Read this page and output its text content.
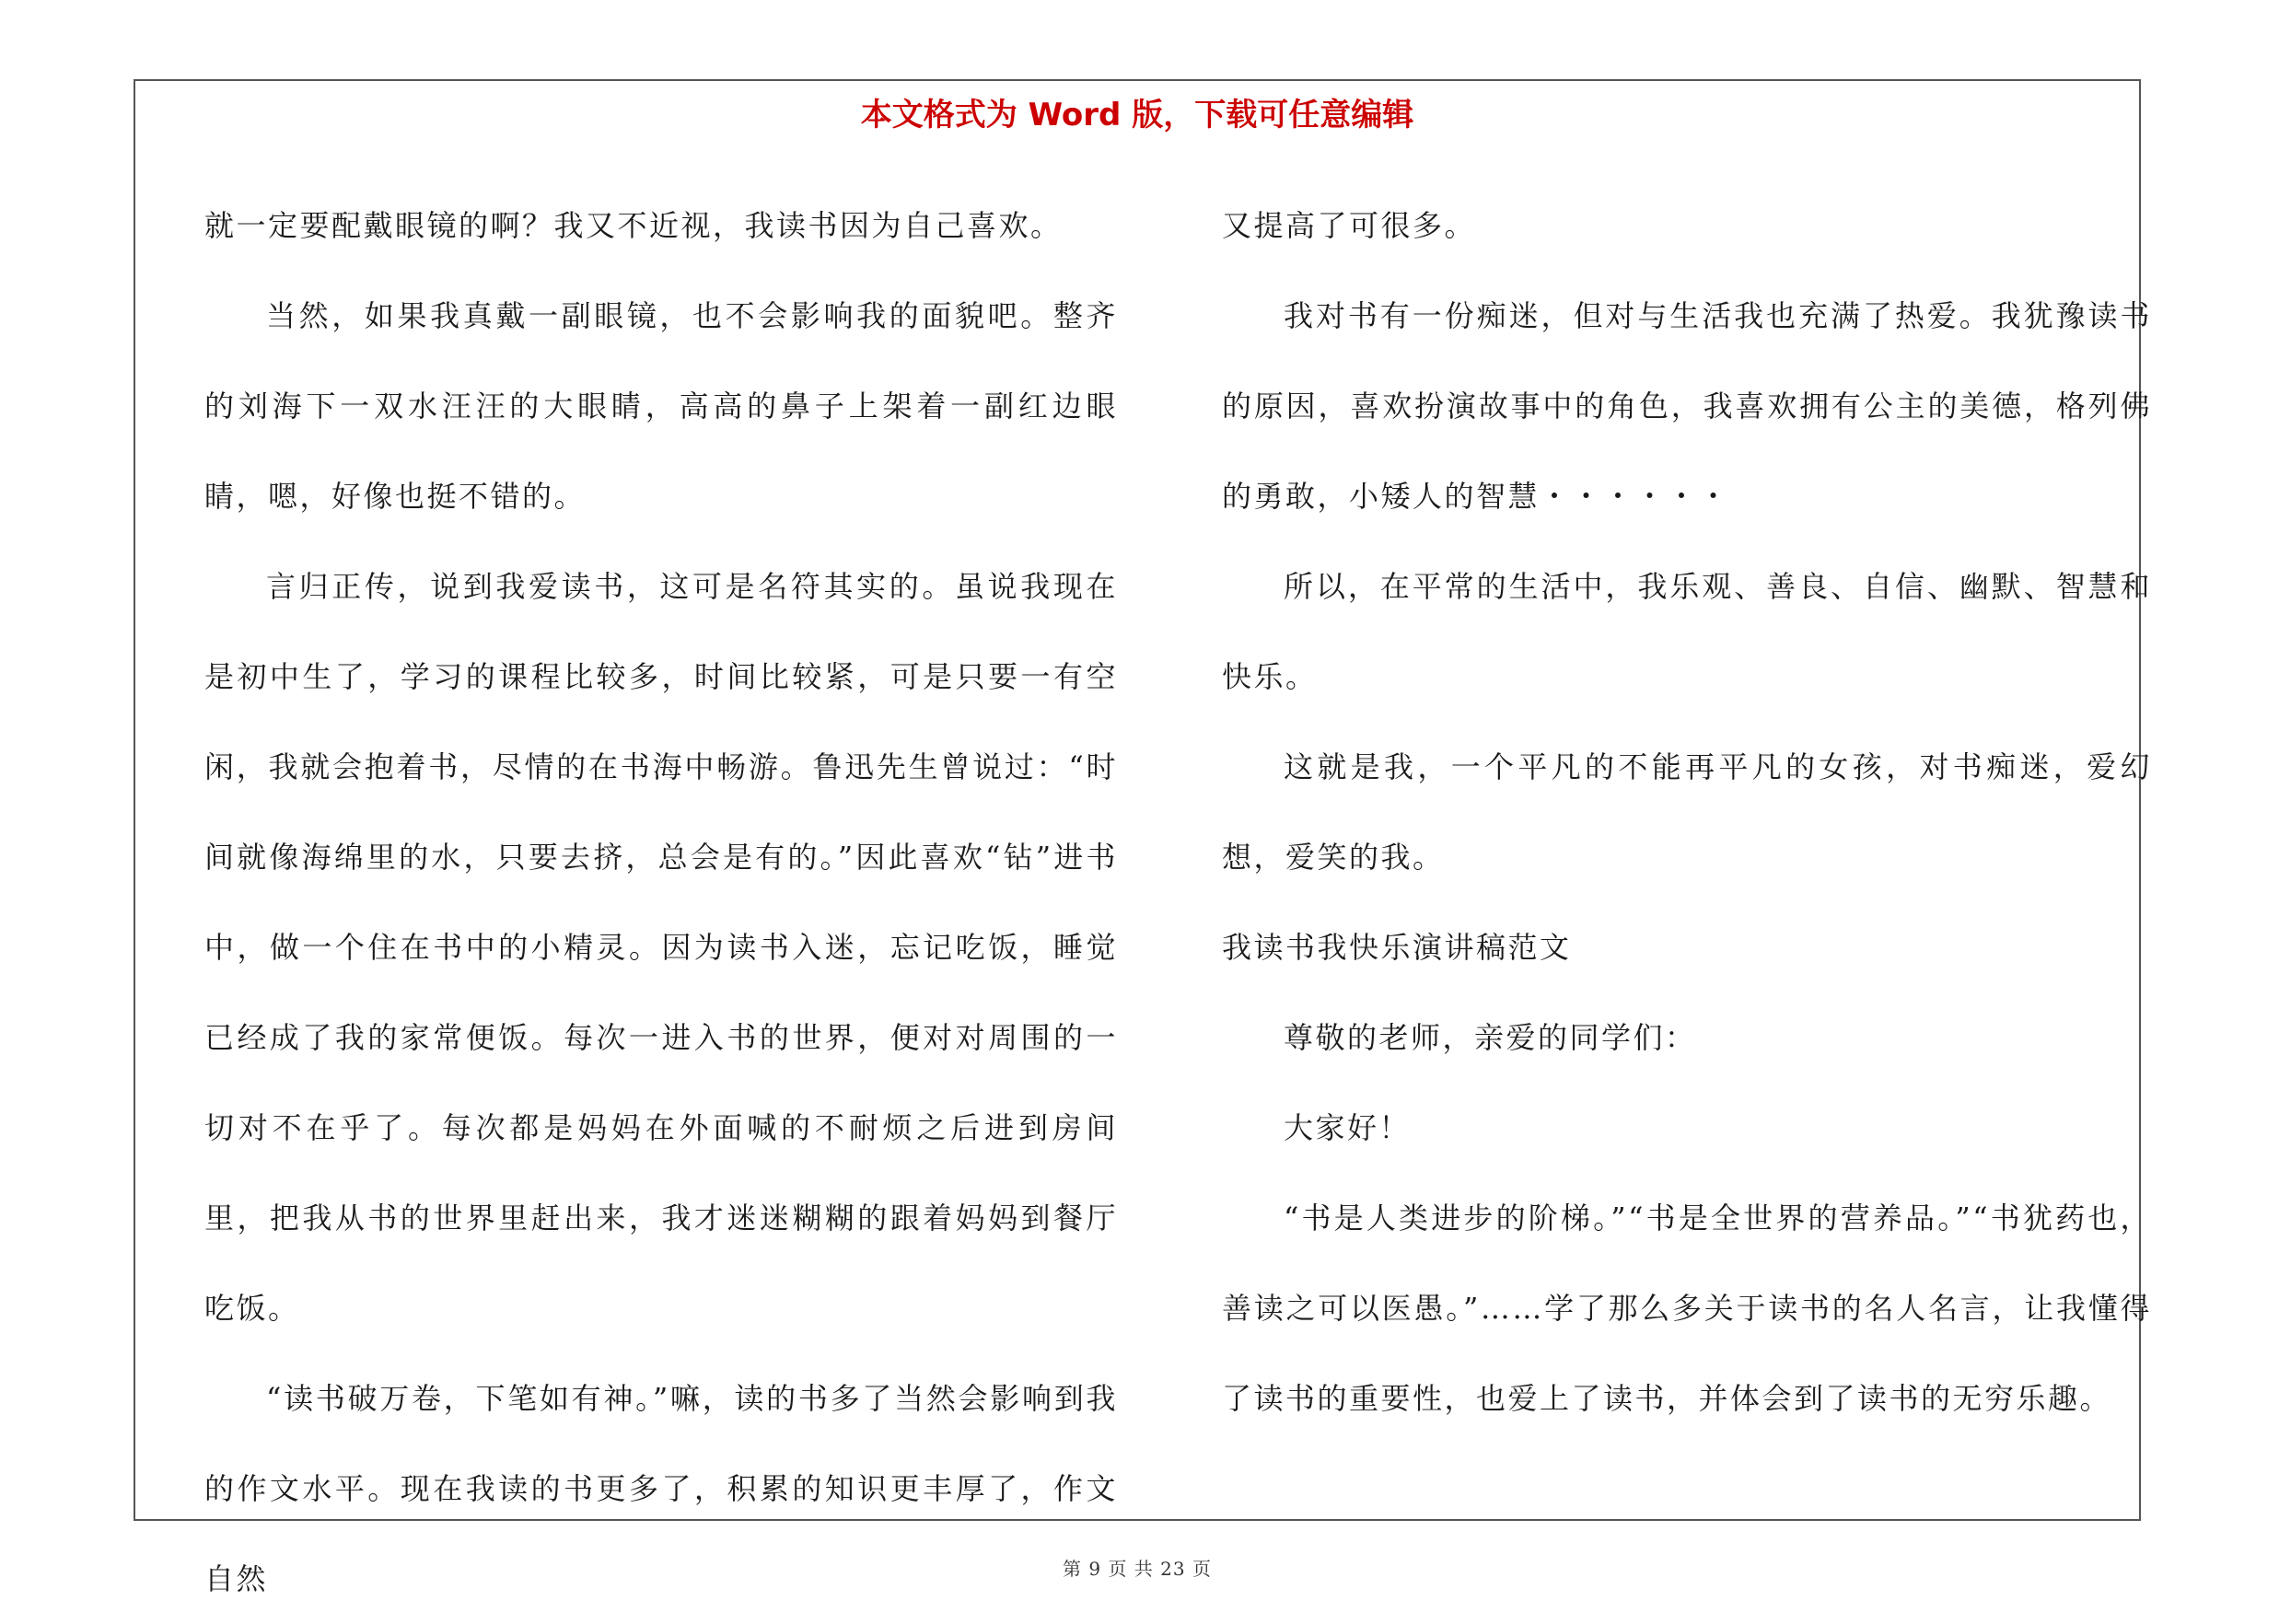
本文格式为 Word 版，下载可任意编辑
第 9 页 共 23 页

就一定要配戴眼镜的啊？我又不近视，我读书因为自己喜欢。

当然，如果我真戴一副眼镜，也不会影响我的面貌吧。整齐的刘海下一双水汪汪的大眼睛，高高的鼻子上架着一副红边眼睛，嗯，好像也挺不错的。

言归正传，说到我爱读书，这可是名符其实的。虽说我现在是初中生了，学习的课程比较多，时间比较紧，可是只要一有空闲，我就会抱着书，尽情的在书海中畅游。鲁迅先生曾说过：“时间就像海绵里的水，只要去挤，总会是有的。”因此喜欢“钻”进书中，做一个住在书中的小精灵。因为读书入迷，忘记吃饭，睡觉已经成了我的家常便饭。每次一进入书的世界，便对对周围的一切对不在乎了。每次都是妈妈在外面喊的不耐烦之后进到房间里，把我从书的世界里赶出来，我才迷迷糊糊的跟着妈妈到餐厅吃饭。

“读书破万卷，下笔如有神。”嘛，读的书多了当然会影响到我的作文水平。现在我读的书更多了，积累的知识更丰厚了，作文自然

又提高了可很多。

我对书有一份痴迷，但对与生活我也充满了热爱。我犹豫读书的原因，喜欢扮演故事中的角色，我喜欢拥有公主的美德，格列佛的勇敢，小矮人的智慧・・・・・・

所以，在平常的生活中，我乐观、善良、自信、幽默、智慧和快乐。

这就是我，一个平凡的不能再平凡的女孩，对书痴迷，爱幻想，爱笑的我。

我读书我快乐演讲稿范文

尊敬的老师，亲爱的同学们：

大家好！

“书是人类进步的阶梯。”“书是全世界的营养品。”“书犹药也，善读之可以医愚。”……学了那么多关于读书的名人名言，让我懂得了读书的重要性，也爱上了读书，并体会到了读书的无穷乐趣。
